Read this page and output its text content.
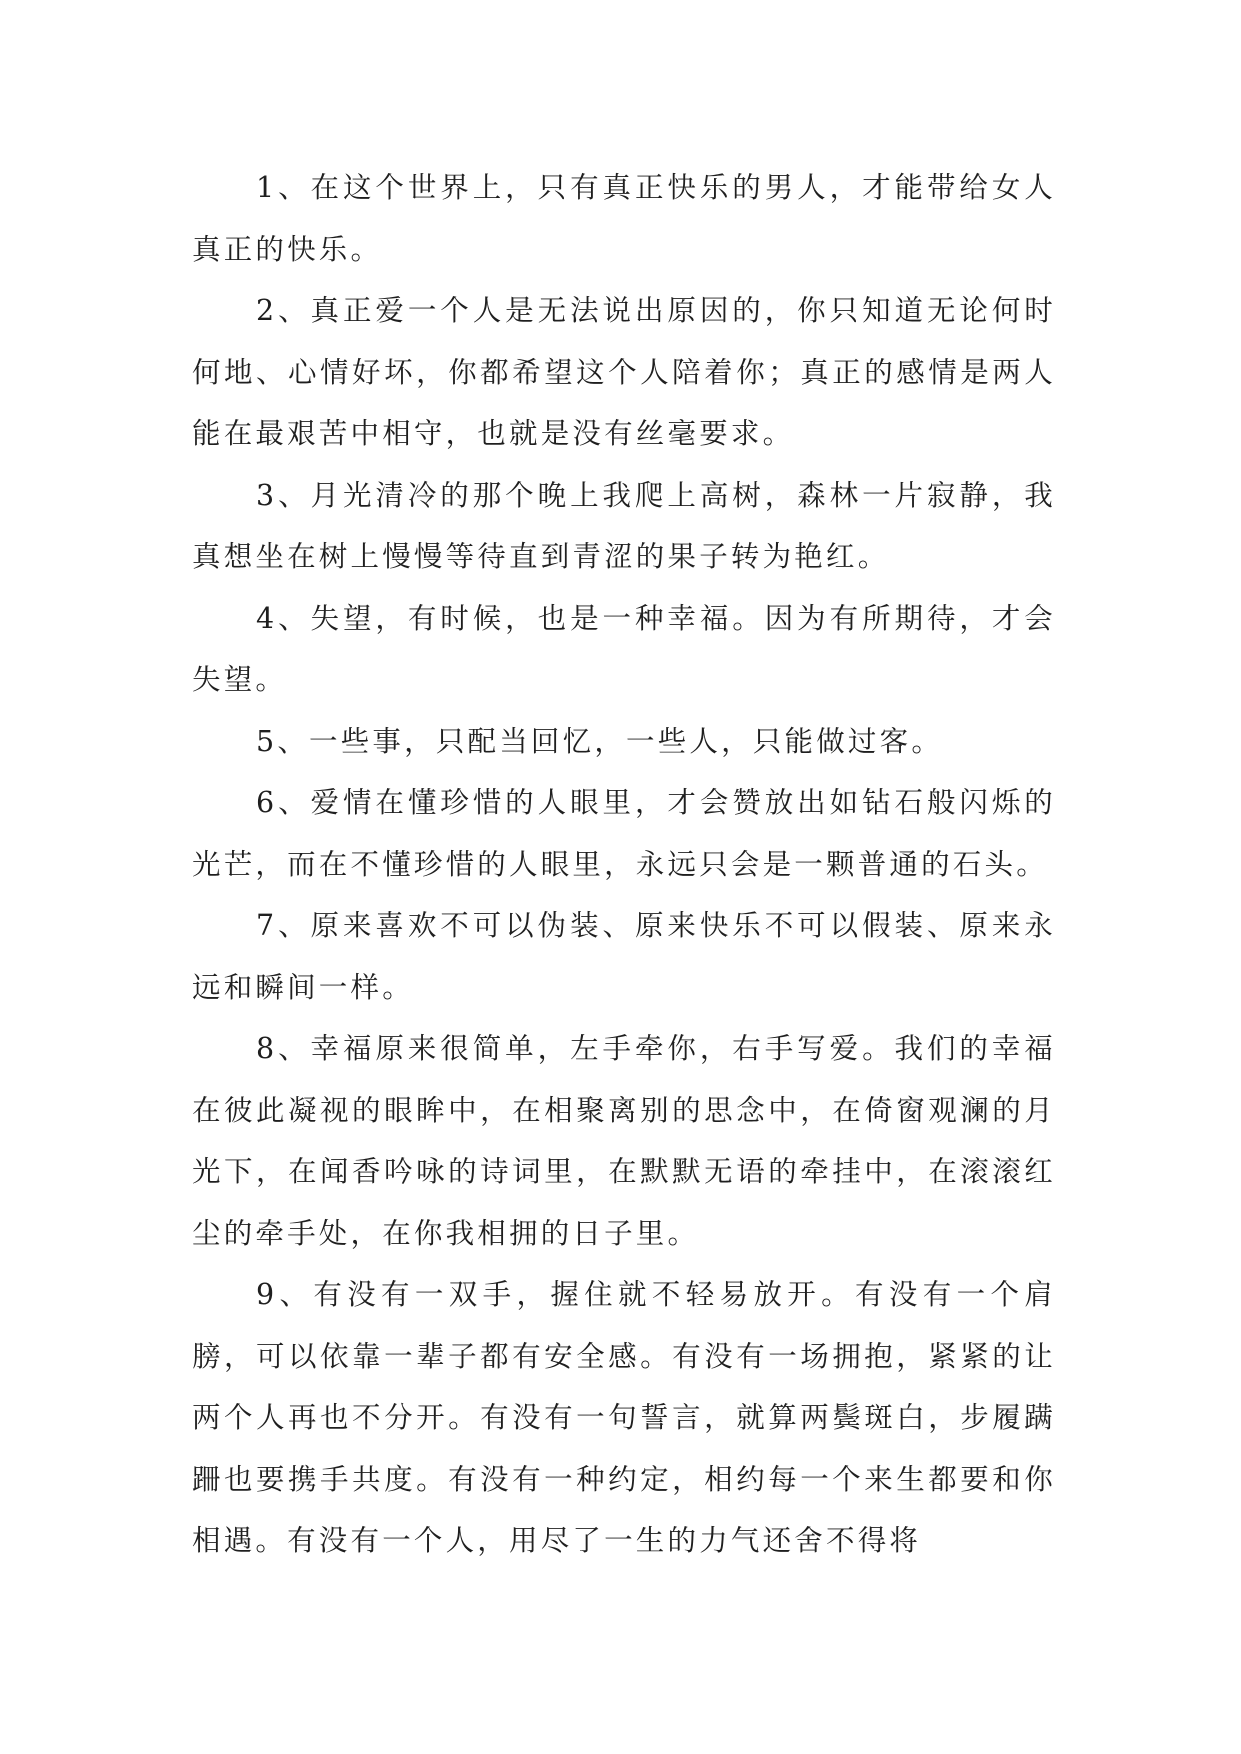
1、在这个世界上，只有真正快乐的男人，才能带给女人真正的快乐。

2、真正爱一个人是无法说出原因的，你只知道无论何时何地、心情好坏，你都希望这个人陪着你；真正的感情是两人能在最艰苦中相守，也就是没有丝毫要求。

3、月光清冷的那个晚上我爬上高树，森林一片寂静，我真想坐在树上慢慢等待直到青涩的果子转为艳红。

4、失望，有时候，也是一种幸福。因为有所期待，才会失望。

5、一些事，只配当回忆，一些人，只能做过客。

6、爱情在懂珍惜的人眼里，才会赞放出如钻石般闪烁的光芒，而在不懂珍惜的人眼里，永远只会是一颗普通的石头。

7、原来喜欢不可以伪装、原来快乐不可以假装、原来永远和瞬间一样。

8、幸福原来很简单，左手牵你，右手写爱。我们的幸福在彼此凝视的眼眸中，在相聚离别的思念中，在倚窗观澜的月光下，在闻香吟咏的诗词里，在默默无语的牵挂中，在滚滚红尘的牵手处，在你我相拥的日子里。

9、有没有一双手，握住就不轻易放开。有没有一个肩膀，可以依靠一辈子都有安全感。有没有一场拥抱，紧紧的让两个人再也不分开。有没有一句誓言，就算两鬓斑白，步履蹒跚也要携手共度。有没有一种约定，相约每一个来生都要和你相遇。有没有一个人，用尽了一生的力气还舍不得将
